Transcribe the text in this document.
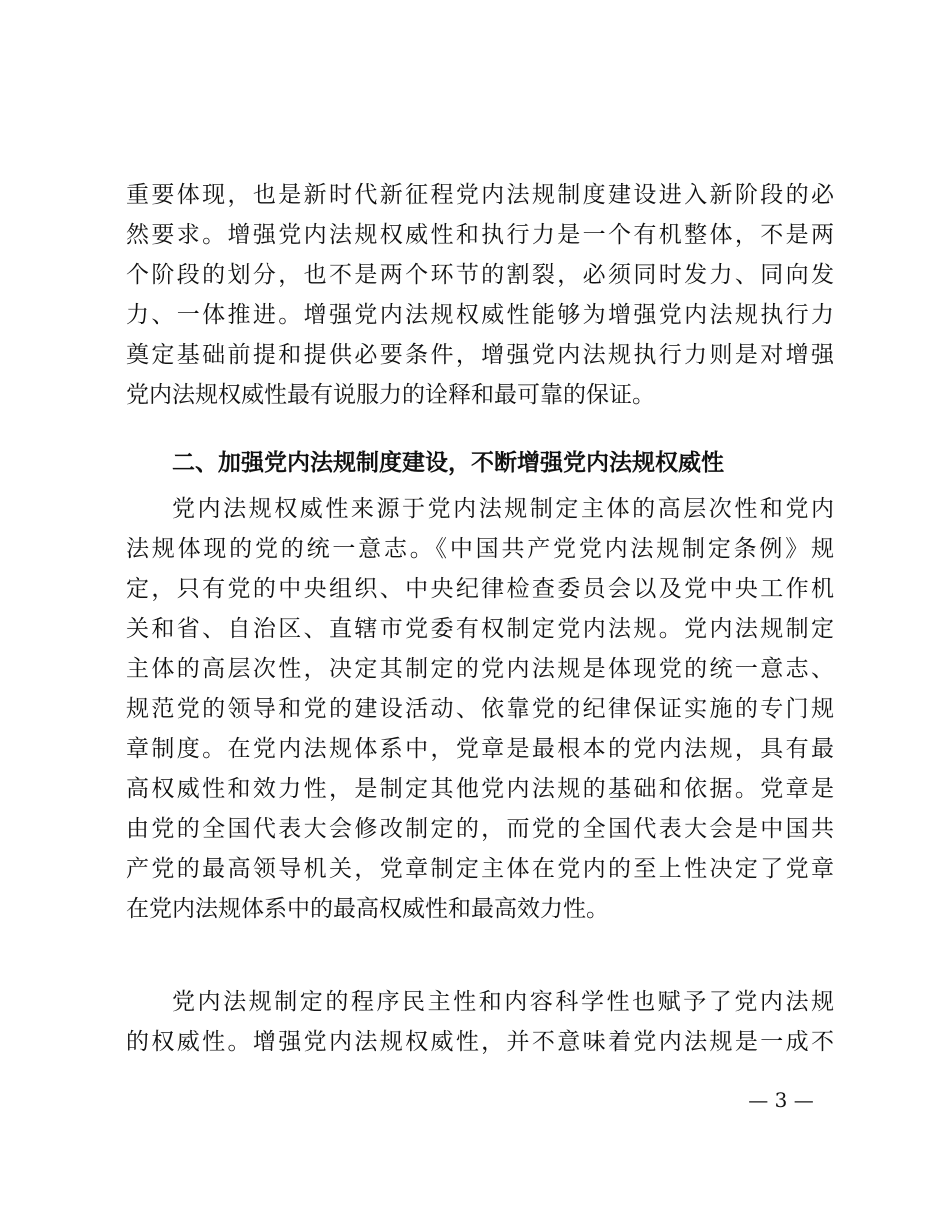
重要体现，也是新时代新征程党内法规制度建设进入新阶段的必
然要求。增强党内法规权威性和执行力是一个有机整体，不是两
个阶段的划分，也不是两个环节的割裂，必须同时发力、同向发
力、一体推进。增强党内法规权威性能够为增强党内法规执行力
奠定基础前提和提供必要条件，增强党内法规执行力则是对增强
党内法规权威性最有说服力的诠释和最可靠的保证。
二、加强党内法规制度建设，不断增强党内法规权威性
党内法规权威性来源于党内法规制定主体的高层次性和党内
法规体现的党的统一意志。《中国共产党党内法规制定条例》规
定，只有党的中央组织、中央纪律检查委员会以及党中央工作机
关和省、自治区、直辖市党委有权制定党内法规。党内法规制定
主体的高层次性，决定其制定的党内法规是体现党的统一意志、
规范党的领导和党的建设活动、依靠党的纪律保证实施的专门规
章制度。在党内法规体系中，党章是最根本的党内法规，具有最
高权威性和效力性，是制定其他党内法规的基础和依据。党章是
由党的全国代表大会修改制定的，而党的全国代表大会是中国共
产党的最高领导机关，党章制定主体在党内的至上性决定了党章
在党内法规体系中的最高权威性和最高效力性。
党内法规制定的程序民主性和内容科学性也赋予了党内法规
的权威性。增强党内法规权威性，并不意味着党内法规是一成不
— 3 —
